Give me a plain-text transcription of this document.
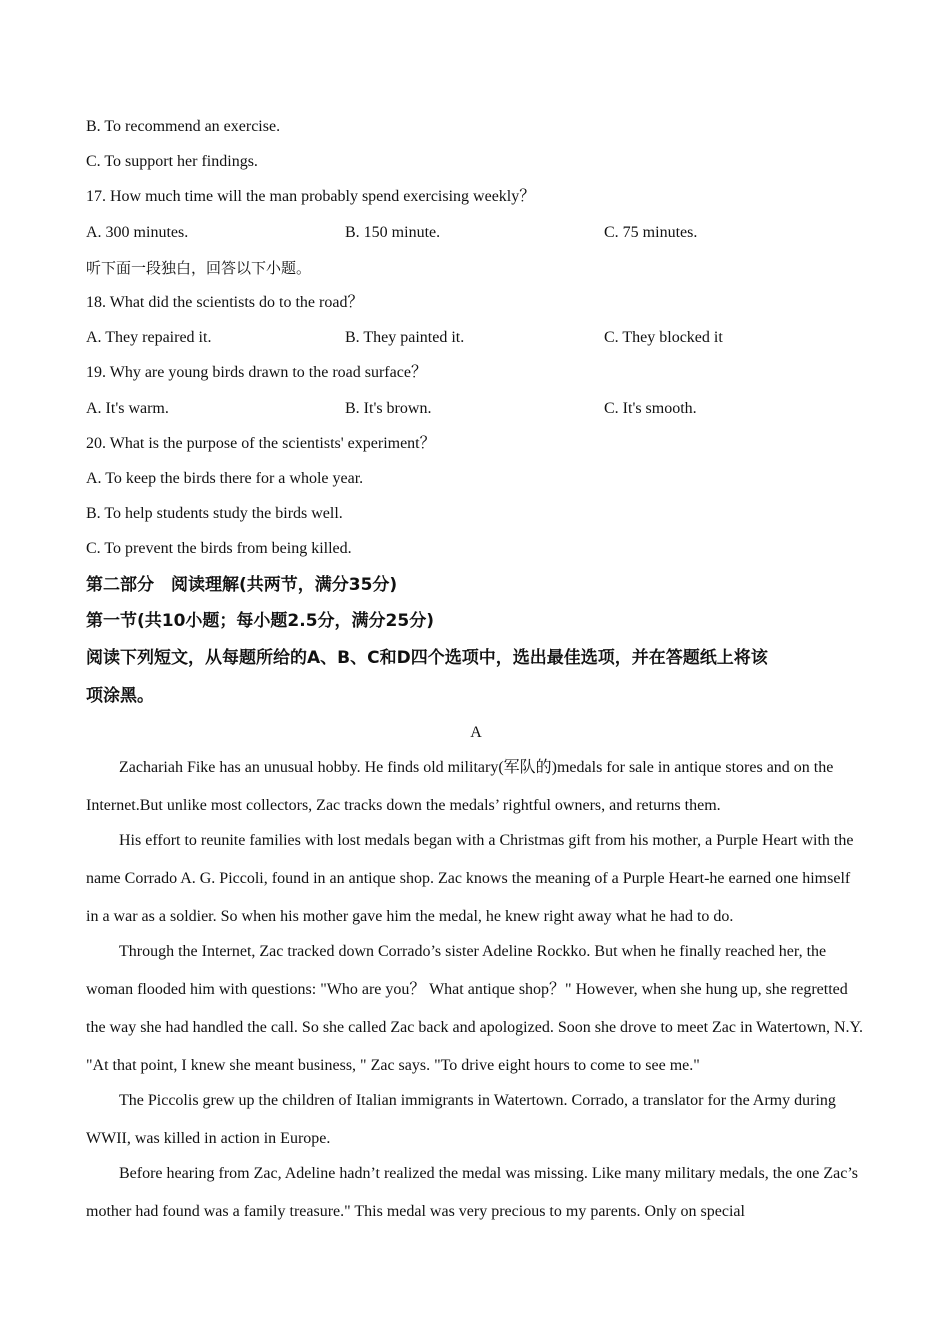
B. To recommend an exercise.
C. To support her findings.
17. How much time will the man probably spend exercising weekly？
A. 300 minutes.	B. 150 minute.	C. 75 minutes.
听下面一段独白，回答以下小题。
18. What did the scientists do to the road？
A. They repaired it.	B. They painted it.	C. They blocked it
19. Why are young birds drawn to the road surface？
A. It's warm.	B. It's brown.	C. It's smooth.
20. What is the purpose of the scientists' experiment？
A. To keep the birds there for a whole year.
B. To help students study the birds well.
C. To prevent the birds from being killed.
第二部分　阅读理解(共两节，满分35分)
第一节(共10小题；每小题2.5分，满分25分)
阅读下列短文，从每题所给的A、B、C和D四个选项中，选出最佳选项，并在答题纸上将该
项涂黑。
A
Zachariah Fike has an unusual hobby. He finds old military(军队的)medals for sale in antique stores and on the Internet.But unlike most collectors, Zac tracks down the medals’ rightful owners, and returns them.
His effort to reunite families with lost medals began with a Christmas gift from his mother, a Purple Heart with the name Corrado A. G. Piccoli, found in an antique shop. Zac knows the meaning of a Purple Heart-he earned one himself in a war as a soldier. So when his mother gave him the medal, he knew right away what he had to do.
Through the Internet, Zac tracked down Corrado’s sister Adeline Rockko. But when he finally reached her, the woman flooded him with questions: "Who are you？ What antique shop？" However, when she hung up, she regretted the way she had handled the call. So she called Zac back and apologized. Soon she drove to meet Zac in Watertown, N.Y. "At that point, I knew she meant business, " Zac says. "To drive eight hours to come to see me."
The Piccolis grew up the children of Italian immigrants in Watertown. Corrado, a translator for the Army during WWII, was killed in action in Europe.
Before hearing from Zac, Adeline hadn’t realized the medal was missing. Like many military medals, the one Zac’s mother had found was a family treasure." This medal was very precious to my parents. Only on special
